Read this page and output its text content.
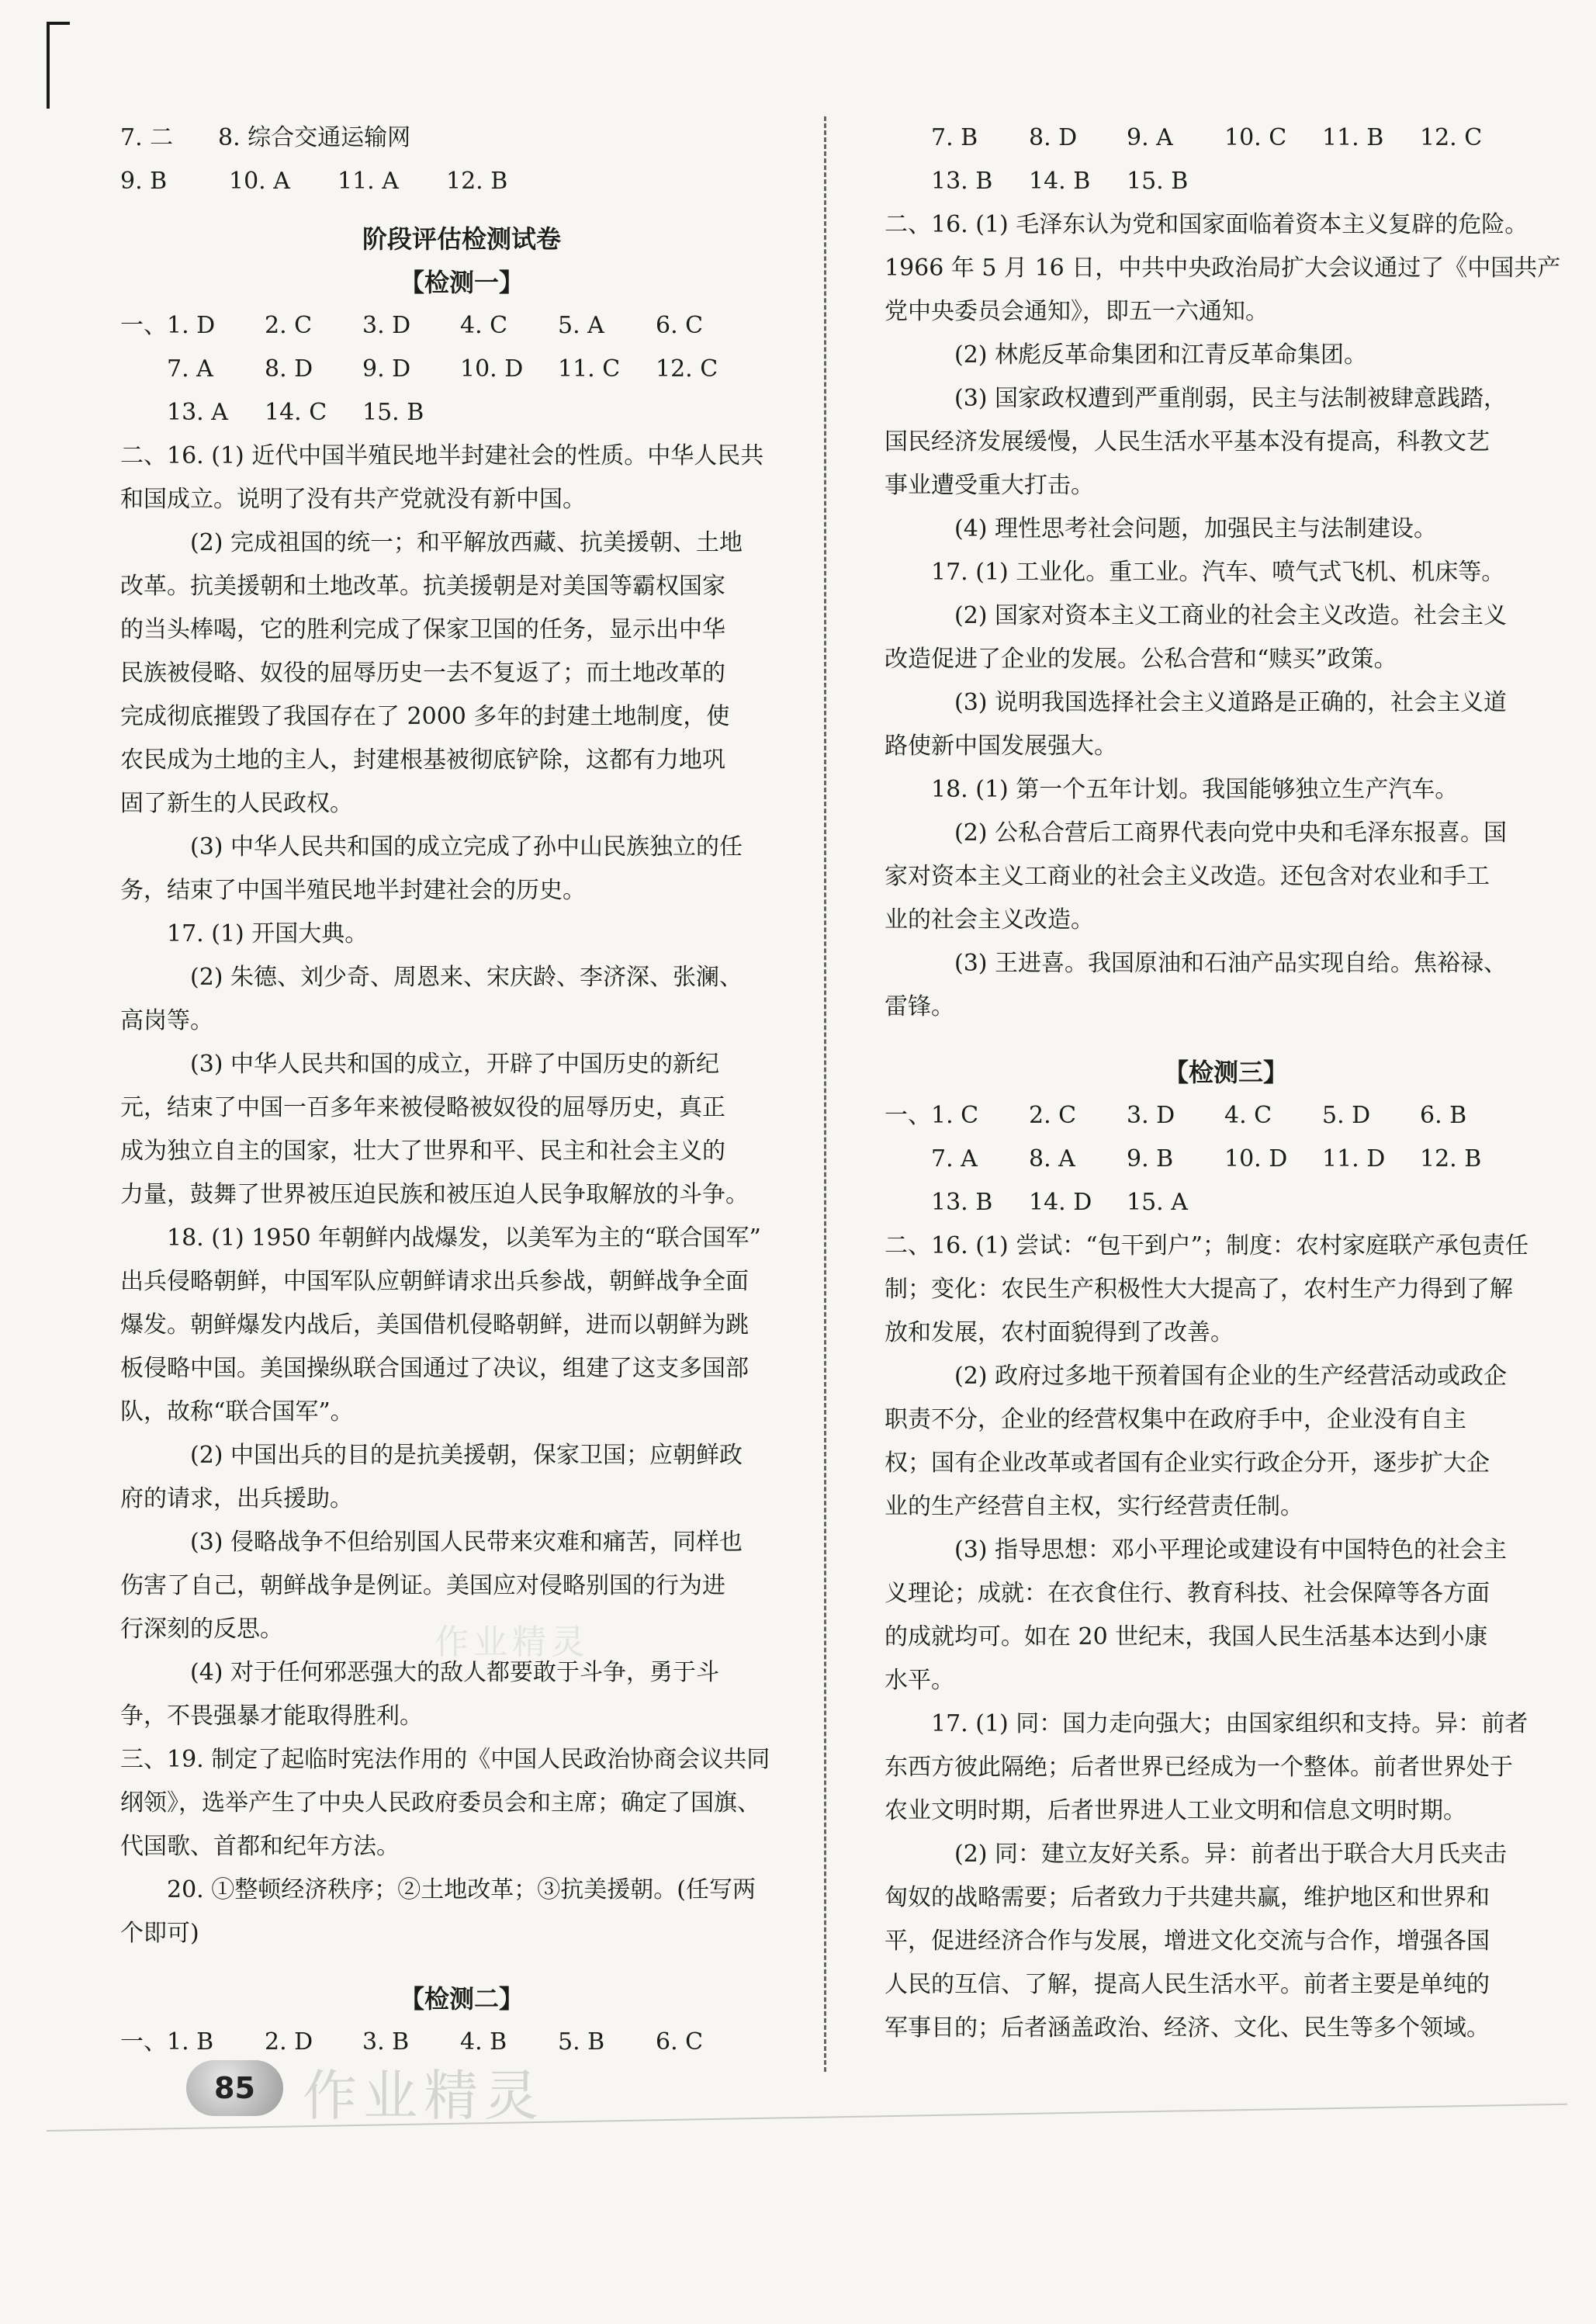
7. 二	8. 综合交通运输网
9. B	10. A	11. A	12. B
阶段评估检测试卷
【检测一】
一、 1. D	2. C	3. D	4. C	5. A	6. C
7. A	8. D	9. D	10. D	11. C	12. C
13. A	14. C	15. B
二、16. (1) 近代中国半殖民地半封建社会的性质。中华人民共
和国成立。说明了没有共产党就没有新中国。
(2) 完成祖国的统一；和平解放西藏、抗美援朝、土地
改革。抗美援朝和土地改革。抗美援朝是对美国等霸权国家
的当头棒喝，它的胜利完成了保家卫国的任务，显示出中华
民族被侵略、奴役的屈辱历史一去不复返了；而土地改革的
完成彻底摧毁了我国存在了 2000 多年的封建土地制度，使
农民成为土地的主人，封建根基被彻底铲除，这都有力地巩
固了新生的人民政权。
(3) 中华人民共和国的成立完成了孙中山民族独立的任
务，结束了中国半殖民地半封建社会的历史。
17. (1) 开国大典。
(2) 朱德、刘少奇、周恩来、宋庆龄、李济深、张澜、
高岗等。
(3) 中华人民共和国的成立，开辟了中国历史的新纪
元，结束了中国一百多年来被侵略被奴役的屈辱历史，真正
成为独立自主的国家，壮大了世界和平、民主和社会主义的
力量，鼓舞了世界被压迫民族和被压迫人民争取解放的斗争。
18. (1) 1950 年朝鲜内战爆发，以美军为主的“联合国军”
出兵侵略朝鲜，中国军队应朝鲜请求出兵参战，朝鲜战争全面
爆发。朝鲜爆发内战后，美国借机侵略朝鲜，进而以朝鲜为跳
板侵略中国。美国操纵联合国通过了决议，组建了这支多国部
队，故称“联合国军”。
(2) 中国出兵的目的是抗美援朝，保家卫国；应朝鲜政
府的请求，出兵援助。
(3) 侵略战争不但给别国人民带来灾难和痛苦，同样也
伤害了自己，朝鲜战争是例证。美国应对侵略别国的行为进
行深刻的反思。
(4) 对于任何邪恶强大的敌人都要敢于斗争，勇于斗
争，不畏强暴才能取得胜利。
三、19. 制定了起临时宪法作用的《中国人民政治协商会议共同
纲领》，选举产生了中央人民政府委员会和主席；确定了国旗、
代国歌、首都和纪年方法。
20. ①整顿经济秩序；②土地改革；③抗美援朝。(任写两
个即可)
【检测二】
一、 1. B	2. D	3. B	4. B	5. B	6. C
7. B	8. D	9. A	10. C	11. B	12. C
13. B	14. B	15. B
二、16. (1) 毛泽东认为党和国家面临着资本主义复辟的危险。
1966 年 5 月 16 日，中共中央政治局扩大会议通过了《中国共产
党中央委员会通知》，即五一六通知。
(2) 林彪反革命集团和江青反革命集团。
(3) 国家政权遭到严重削弱，民主与法制被肆意践踏，
国民经济发展缓慢，人民生活水平基本没有提高，科教文艺
事业遭受重大打击。
(4) 理性思考社会问题，加强民主与法制建设。
17. (1) 工业化。重工业。汽车、喷气式飞机、机床等。
(2) 国家对资本主义工商业的社会主义改造。社会主义
改造促进了企业的发展。公私合营和“赎买”政策。
(3) 说明我国选择社会主义道路是正确的，社会主义道
路使新中国发展强大。
18. (1) 第一个五年计划。我国能够独立生产汽车。
(2) 公私合营后工商界代表向党中央和毛泽东报喜。国
家对资本主义工商业的社会主义改造。还包含对农业和手工
业的社会主义改造。
(3) 王进喜。我国原油和石油产品实现自给。焦裕禄、
雷锋。
【检测三】
一、 1. C	2. C	3. D	4. C	5. D	6. B
7. A	8. A	9. B	10. D	11. D	12. B
13. B	14. D	15. A
二、16. (1) 尝试：“包干到户”；制度：农村家庭联产承包责任
制；变化：农民生产积极性大大提高了，农村生产力得到了解
放和发展，农村面貌得到了改善。
(2) 政府过多地干预着国有企业的生产经营活动或政企
职责不分，企业的经营权集中在政府手中，企业没有自主
权；国有企业改革或者国有企业实行政企分开，逐步扩大企
业的生产经营自主权，实行经营责任制。
(3) 指导思想：邓小平理论或建设有中国特色的社会主
义理论；成就：在衣食住行、教育科技、社会保障等各方面
的成就均可。如在 20 世纪末，我国人民生活基本达到小康
水平。
17. (1) 同：国力走向强大；由国家组织和支持。异：前者
东西方彼此隔绝；后者世界已经成为一个整体。前者世界处于
农业文明时期，后者世界进人工业文明和信息文明时期。
(2) 同：建立友好关系。异：前者出于联合大月氏夹击
匈奴的战略需要；后者致力于共建共赢，维护地区和世界和
平，促进经济合作与发展，增进文化交流与合作，增强各国
人民的互信、了解，提高人民生活水平。前者主要是单纯的
军事目的；后者涵盖政治、经济、文化、民生等多个领域。
作业精灵
85 作业精灵
